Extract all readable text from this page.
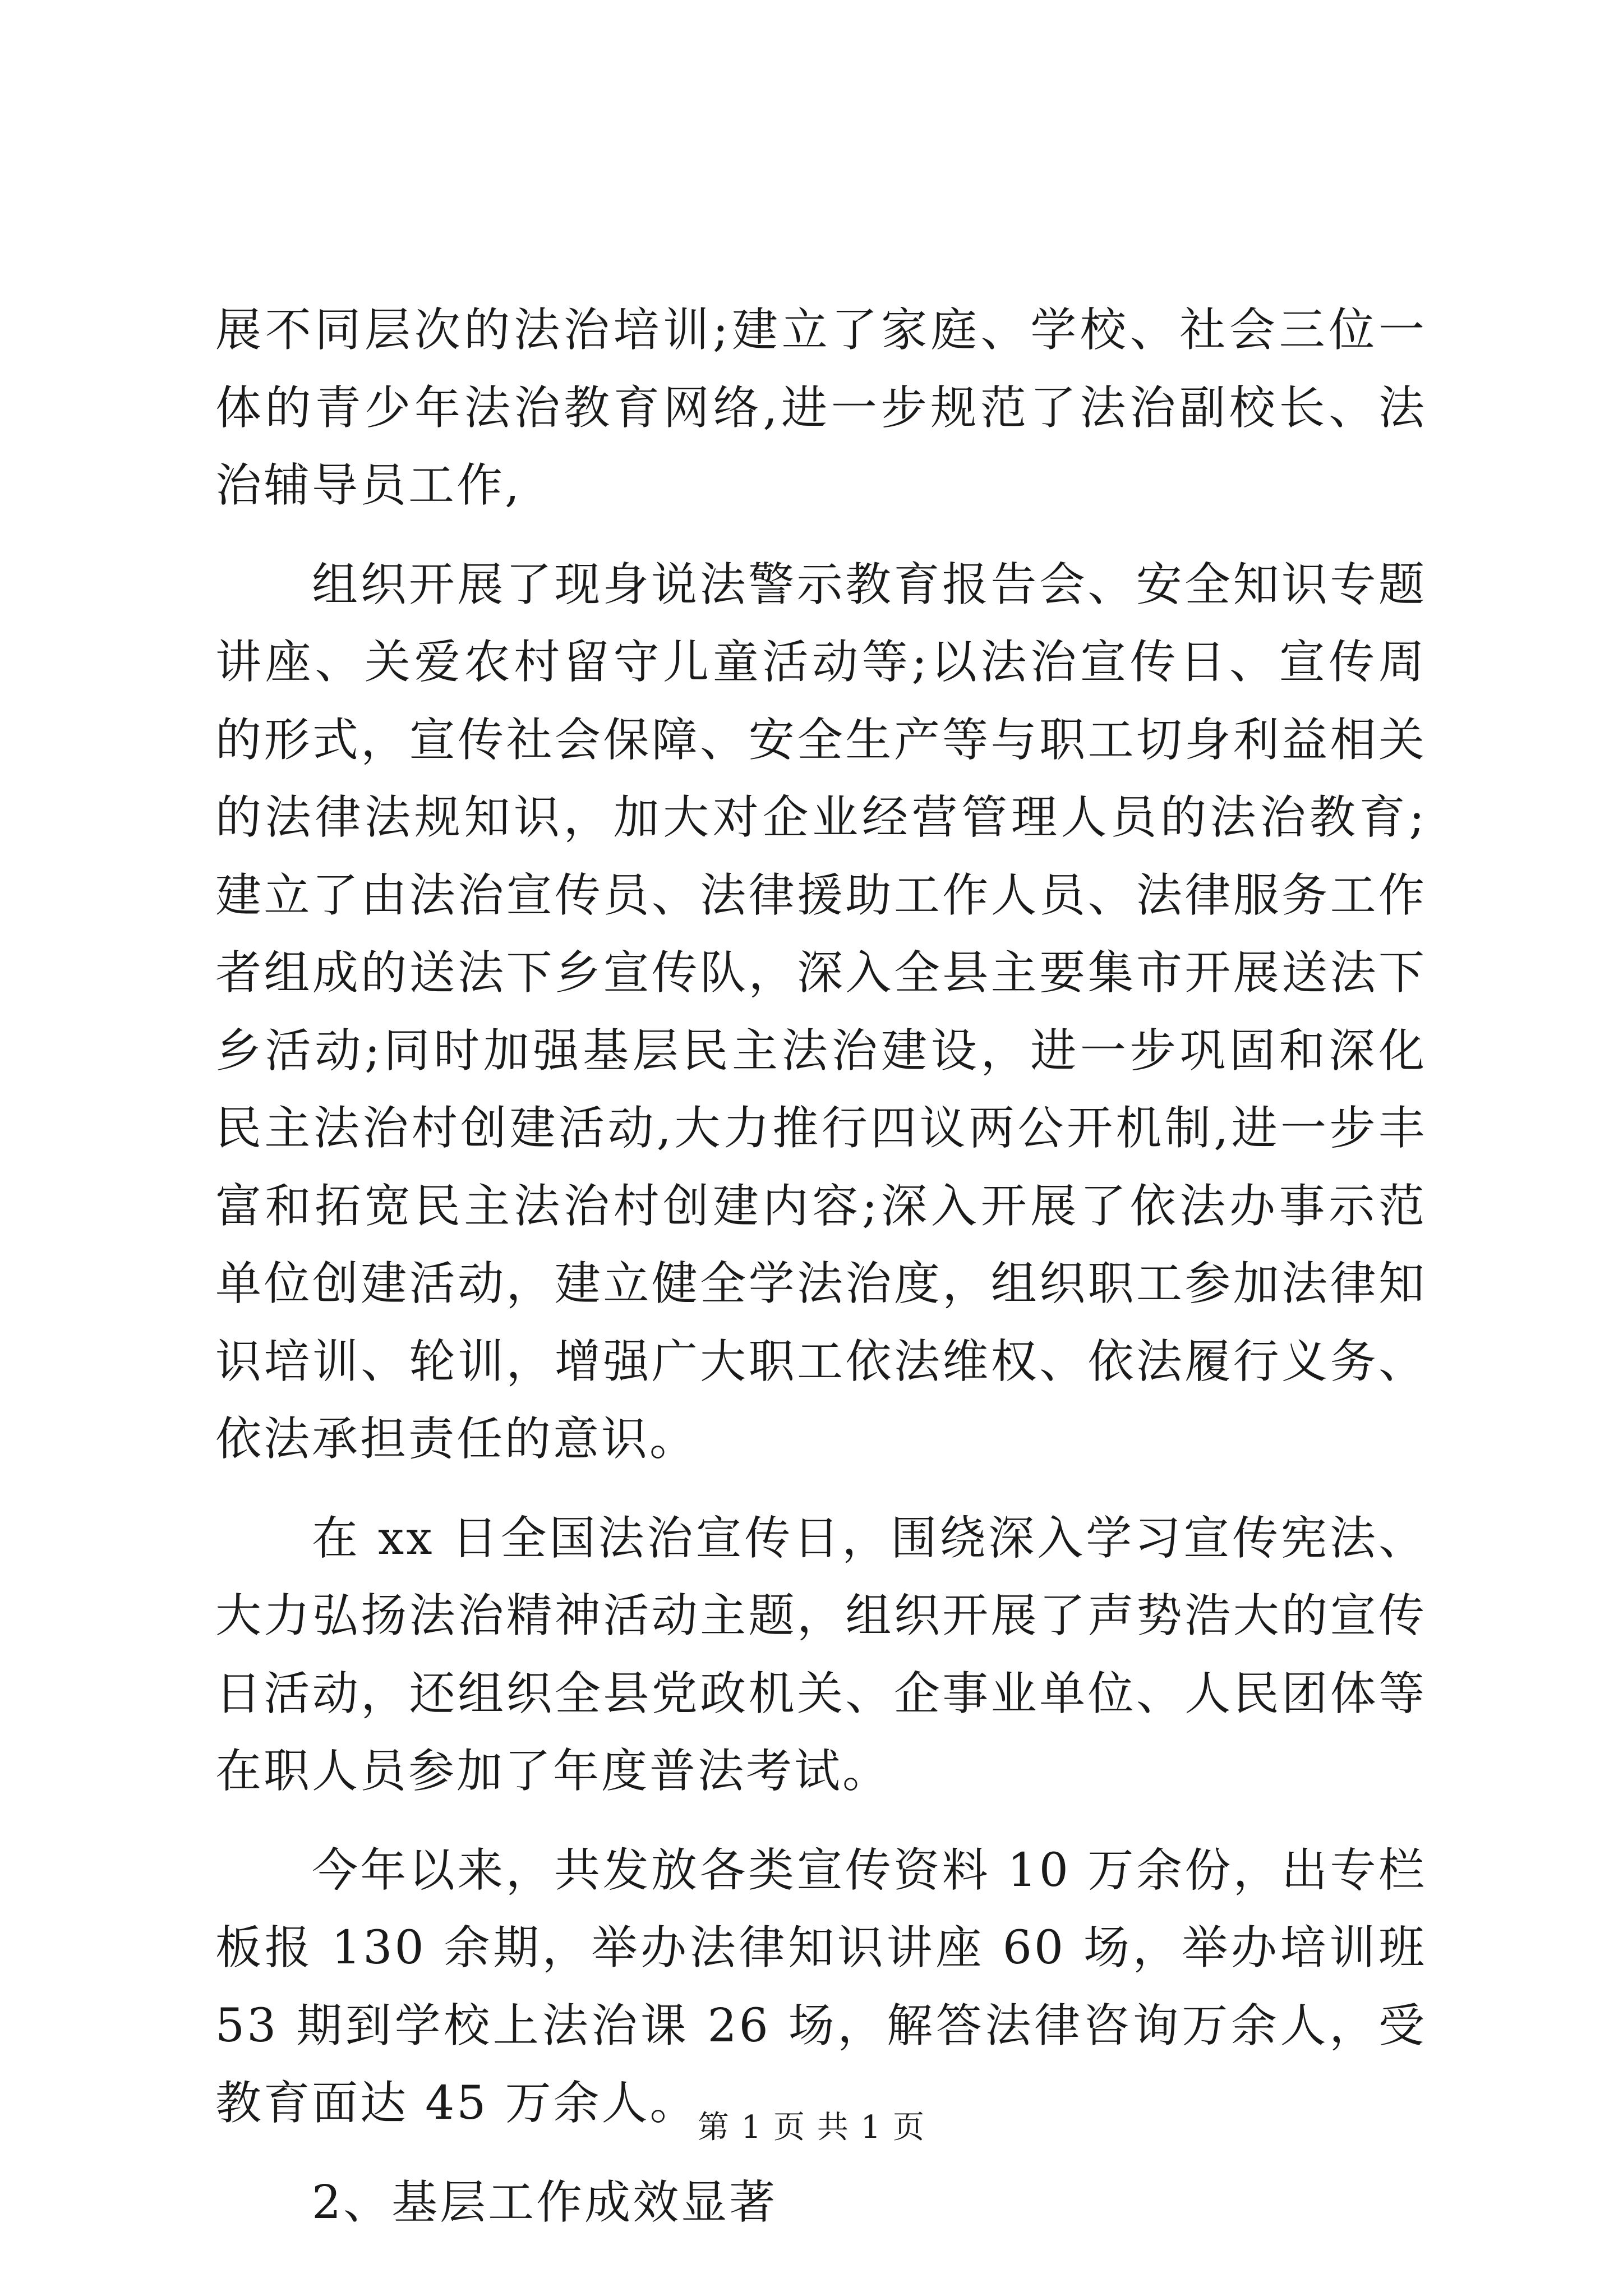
展不同层次的法治培训;建立了家庭、学校、社会三位一体的青少年法治教育网络,进一步规范了法治副校长、法治辅导员工作,

组织开展了现身说法警示教育报告会、安全知识专题讲座、关爱农村留守儿童活动等;以法治宣传日、宣传周的形式，宣传社会保障、安全生产等与职工切身利益相关的法律法规知识，加大对企业经营管理人员的法治教育;建立了由法治宣传员、法律援助工作人员、法律服务工作者组成的送法下乡宣传队，深入全县主要集市开展送法下乡活动;同时加强基层民主法治建设，进一步巩固和深化民主法治村创建活动,大力推行四议两公开机制,进一步丰富和拓宽民主法治村创建内容;深入开展了依法办事示范单位创建活动，建立健全学法治度，组织职工参加法律知识培训、轮训，增强广大职工依法维权、依法履行义务、依法承担责任的意识。

在 xx 日全国法治宣传日，围绕深入学习宣传宪法、大力弘扬法治精神活动主题，组织开展了声势浩大的宣传日活动，还组织全县党政机关、企事业单位、人民团体等在职人员参加了年度普法考试。

今年以来，共发放各类宣传资料 10 万余份，出专栏板报 130 余期，举办法律知识讲座 60 场，举办培训班 53 期到学校上法治课 26 场，解答法律咨询万余人，受教育面达 45 万余人。

2、基层工作成效显著

第 1 页 共 1 页
